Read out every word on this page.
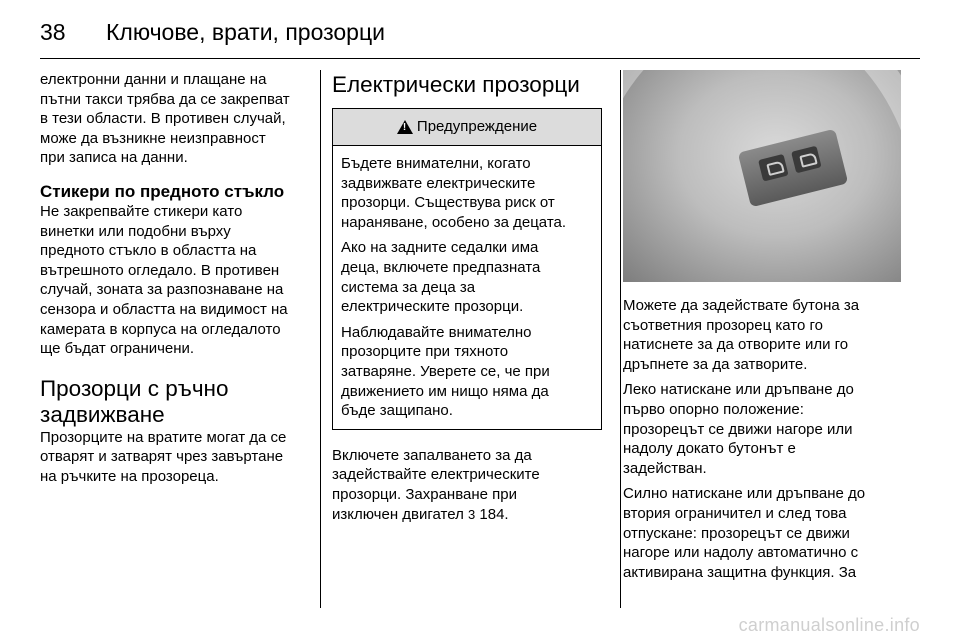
38	Ключове, врати, прозорци

електронни данни и плащане на
пътни такси трябва да се закрепват
в тези области. В противен случай,
може да възникне неизправност
при записа на данни.

Стикери по предното стъкло

Не закрепвайте стикери като
винетки или подобни върху
предното стъкло в областта на
вътрешното огледало. В противен
случай, зоната за разпознаване на
сензора и областта на видимост на
камерата в корпуса на огледалото
ще бъдат ограничени.

Прозорци с ръчно
задвижване

Прозорците на вратите могат да се
отварят и затварят чрез завъртане
на ръчките на прозореца.

Електрически прозорци
!
Предупреждение

Бъдете внимателни, когато
задвижвате електрическите
прозорци. Съществува риск от
нараняване, особено за децата.

Ако на задните седалки има
деца, включете предпазната
система за деца за
електрическите прозорци.

Наблюдавайте внимателно
прозорците при тяхното
затваряне. Уверете се, че при
движението им нищо няма да
бъде защипано.

Включете запалването за да
задействайте електрическите
прозорци. Захранване при
изключен двигател 3 184.

Можете да задействате бутона за
съответния прозорец като го
натиснете за да отворите или го
дръпнете за да затворите.

Леко натискане или дръпване до
първо опорно положение:
прозорецът се движи нагоре или
надолу докато бутонът е
задействан.

Силно натискане или дръпване до
втория ограничител и след това
отпускане: прозорецът се движи
нагоре или надолу автоматично с
активирана защитна функция. За

carmanualsonline.info
